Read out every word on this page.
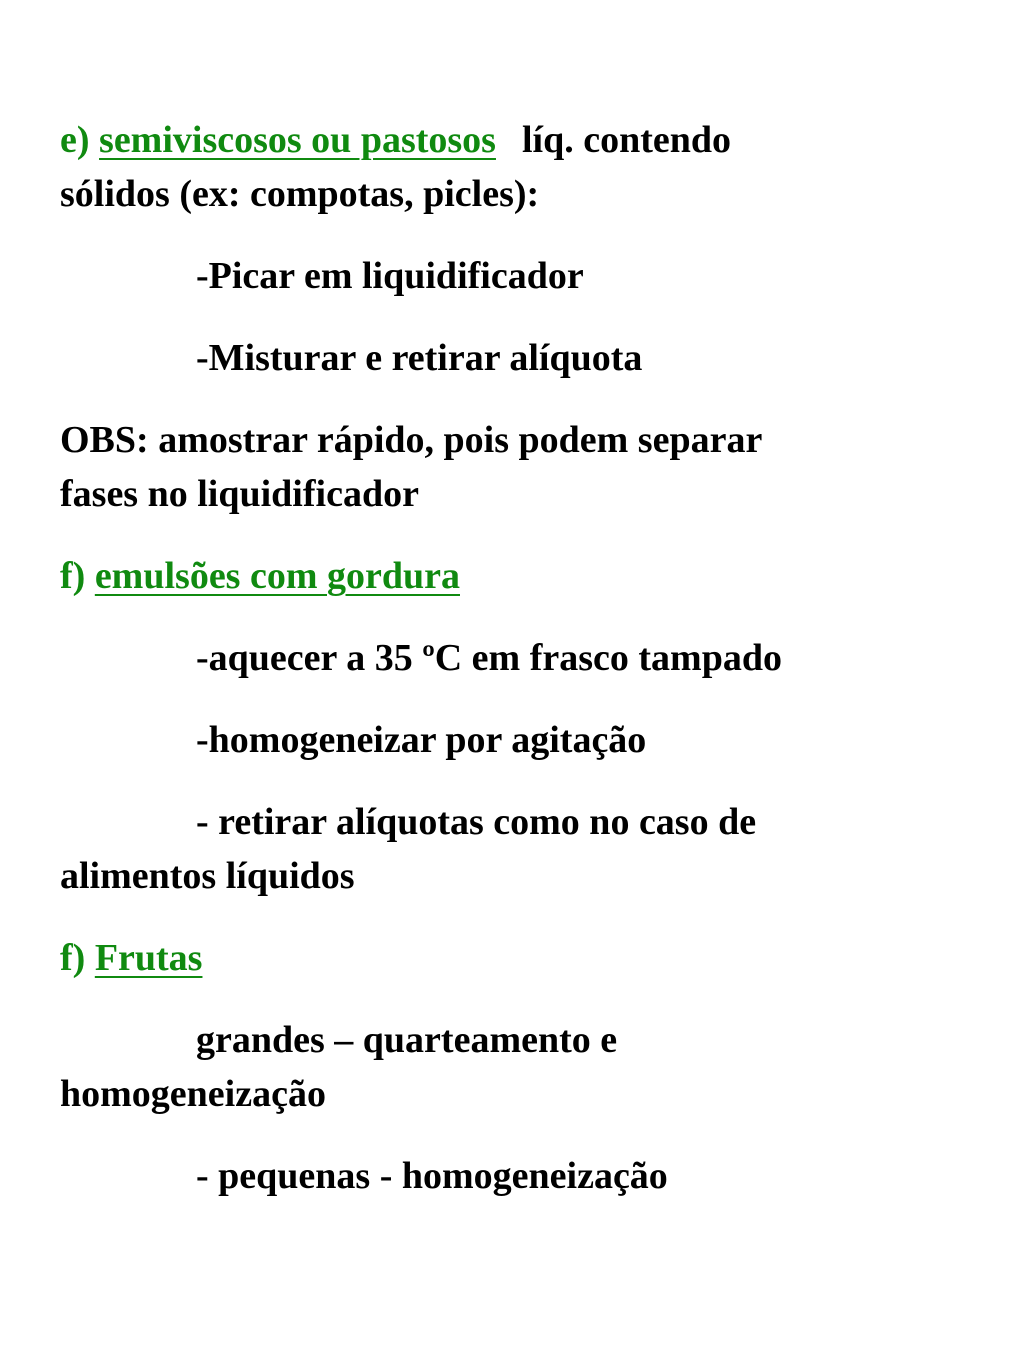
e) semiviscosos ou pastosos líq. contendo
sólidos (ex: compotas, picles):
-Picar em liquidificador
-Misturar e retirar alíquota
OBS: amostrar rápido, pois podem separar
fases no liquidificador
f) emulsões com gordura
-aquecer a 35 ºC em frasco tampado
-homogeneizar por agitação
- retirar alíquotas como no caso de
alimentos líquidos
f) Frutas
grandes – quarteamento e
homogeneização
- pequenas - homogeneização
